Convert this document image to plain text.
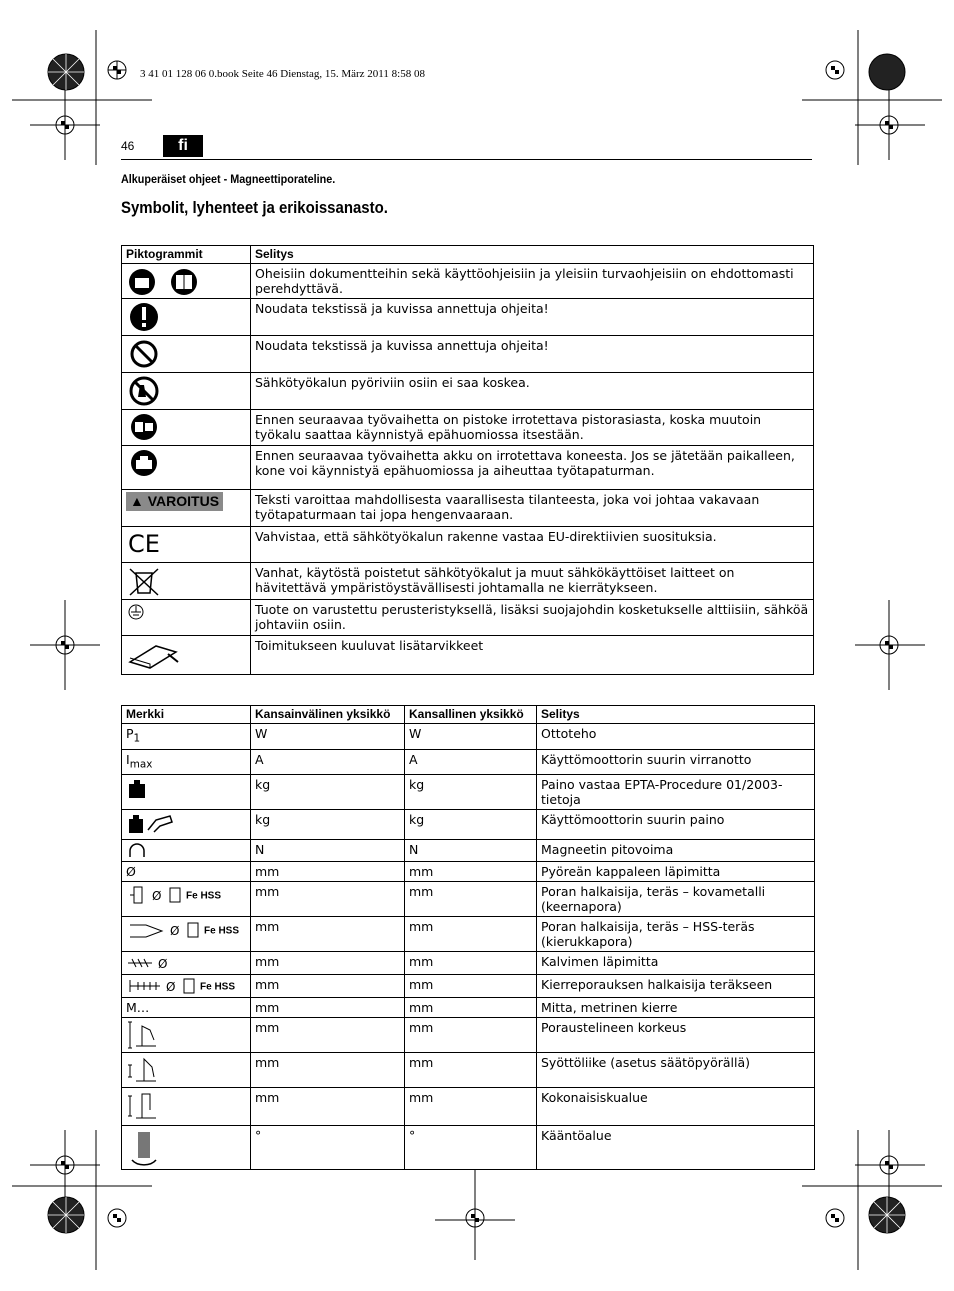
3 41 01 128 06 0.book Seite 46 Dienstag, 15. März 2011 8:58 08
46	fi
Alkuperäiset ohjeet - Magneettiporateline.
Symbolit, lyhenteet ja erikoissanasto.
Piktogrammit	Selitys
	Oheisiin dokumentteihin sekä käyttöohjeisiin ja yleisiin turvaohjeisiin on ehdottomasti perehdyttävä.
	Noudata tekstissä ja kuvissa annettuja ohjeita!
	Noudata tekstissä ja kuvissa annettuja ohjeita!
	Sähkötyökalun pyöriviin osiin ei saa koskea.
	Ennen seuraavaa työvaihetta on pistoke irrotettava pistorasiasta, koska muutoin työkalu saattaa käynnistyä epähuomiossa itsestään.
	Ennen seuraavaa työvaihetta akku on irrotettava koneesta. Jos se jätetään paikalleen, kone voi käynnistyä epähuomiossa ja aiheuttaa työtapaturman.
▲ VAROITUS	Teksti varoittaa mahdollisesta vaarallisesta tilanteesta, joka voi johtaa vakavaan työtapaturmaan tai jopa hengenvaaraan.

CE	Vahvistaa, että sähkötyökalun rakenne vastaa EU-direktiivien suosituksia.
	Vanhat, käytöstä poistetut sähkötyökalut ja muut sähkökäyttöiset laitteet on hävitettävä ympäristöystävällisesti johtamalla ne kierrätykseen.
	Tuote on varustettu perusteristyksellä, lisäksi suojajohdin kosketukselle alttiisiin, sähköä johtaviin osiin.
	Toimitukseen kuuluvat lisätarvikkeet
Merkki	Kansainvälinen yksikkö	Kansallinen yksikkö	Selitys
$P_1$	W	W	Ottoteho
$I_{max}$	A	A	Käyttömoottorin suurin virranotto
	kg	kg	Paino vastaa EPTA-Procedure 01/2003-tietoja
	kg	kg	Käyttömoottorin suurin paino
	N	N	Magneetin pitovoima
Ø	mm	mm	Pyöreän kappaleen läpimitta

Ø Fe HSS	mm	mm	Poran halkaisija, teräs – kovametalli (keernapora)

Ø Fe HSS	mm	mm	Poran halkaisija, teräs – HSS-teräs (kierukkapora)

Ø	mm	mm	Kalvimen läpimitta

Ø Fe HSS	mm	mm	Kierreporauksen halkaisija teräkseen
M…	mm	mm	Mitta, metrinen kierre
	mm	mm	Poraustelineen korkeus
	mm	mm	Syöttöliike (asetus säätöpyörällä)
	mm	mm	Kokonaisiskualue
	°	°	Kääntöalue
